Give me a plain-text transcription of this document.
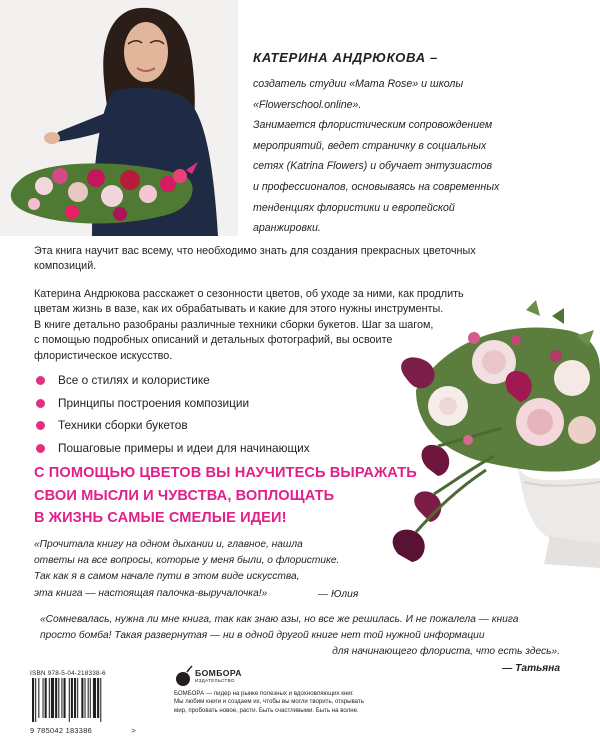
КАТЕРИНА АНДРЮКОВА –
создатель студии «Mama Rose» и школы
«Flowerschool.online».
Занимается флористическим сопровождением
мероприятий, ведет страничку в социальных
сетях (Katrina Flowers) и обучает энтузиастов
и профессионалов, основываясь на современных
тенденциях флористики и европейской
аранжировки.
Эта книга научит вас всему, что необходимо знать для создания прекрасных цветочных
композиций.
Катерина Андрюкова расскажет о сезонности цветов, об уходе за ними, как продлить
цветам жизнь в вазе, как их обрабатывать и какие для этого нужны инструменты.
В книге детально разобраны различные техники сборки букетов. Шаг за шагом,
с помощью подробных описаний и детальных фотографий, вы освоите
флористическое искусство.
Все о стилях и колористике
Принципы построения композиции
Техники сборки букетов
Пошаговые примеры и идеи для начинающих
С ПОМОЩЬЮ ЦВЕТОВ ВЫ НАУЧИТЕСЬ ВЫРАЖАТЬ
СВОИ МЫСЛИ И ЧУВСТВА, ВОПЛОЩАТЬ
В ЖИЗНЬ САМЫЕ СМЕЛЫЕ ИДЕИ!
«Прочитала книгу на одном дыхании и, главное, нашла
ответы на все вопросы, которые у меня были, о флористике.
Так как я в самом начале пути в этом виде искусства,
эта книга — настоящая палочка-выручалочка!»	— Юлия
«Сомневалась, нужна ли мне книга, так как знаю азы, но все же решилась. И не пожалела — книга
просто бомба! Такая развернутая — ни в одной другой книге нет той нужной информации
для начинающего флориста, что есть здесь».
— Татьяна
ISBN 978-5-04-218338-6
9 785042 183386	>
БОМБОРА
ИЗДАТЕЛЬСТВО
БОМБОРА — лидер на рынке полезных и вдохновляющих книг.
Мы любим книги и создаем их, чтобы вы могли творить, открывать
мир, пробовать новое, расти. Быть счастливыми. Быть на волне.
